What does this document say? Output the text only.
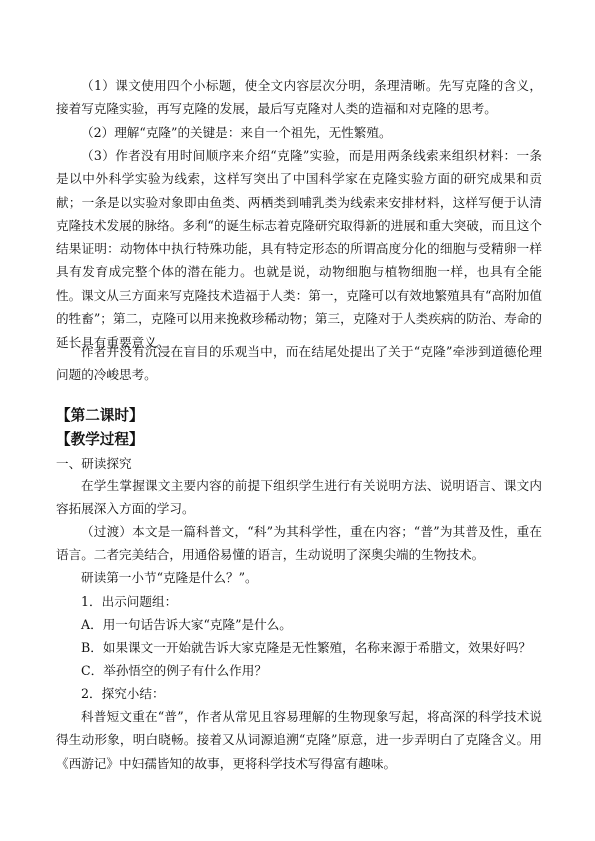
（1）课文使用四个小标题，使全文内容层次分明，条理清晰。先写克隆的含义，接着写克隆实验，再写克隆的发展，最后写克隆对人类的造福和对克隆的思考。

（2）理解“克隆”的关键是：来自一个祖先，无性繁殖。

（3）作者没有用时间顺序来介绍“克隆”实验，而是用两条线索来组织材料：一条是以中外科学实验为线索，这样写突出了中国科学家在克隆实验方面的研究成果和贡献；一条是以实验对象即由鱼类、两栖类到哺乳类为线索来安排材料，这样写便于认清克隆技术发展的脉络。多利“的诞生标志着克隆研究取得新的进展和重大突破，而且这个结果证明：动物体中执行特殊功能，具有特定形态的所谓高度分化的细胞与受精卵一样具有发育成完整个体的潜在能力。也就是说，动物细胞与植物细胞一样，也具有全能性。 课文从三方面来写克隆技术造福于人类：第一，克隆可以有效地繁殖具有“高附加值的牲畜”；第二，克隆可以用来挽救珍稀动物；第三，克隆对于人类疾病的防治、寿命的延长具有重要意义。

作者并没有沉浸在盲目的乐观当中，而在结尾处提出了关于“克隆”牵涉到道德伦理问题的冷峻思考。

【第二课时】
【教学过程】

一、研读探究

在学生掌握课文主要内容的前提下组织学生进行有关说明方法、说明语言、课文内容拓展深入方面的学习。

（过渡）本文是一篇科普文，“科”为其科学性，重在内容；“普”为其普及性，重在语言。二者完美结合，用通俗易懂的语言，生动说明了深奥尖端的生物技术。

研读第一小节“克隆是什么？”。

1．出示问题组：

A．用一句话告诉大家“克隆”是什么。

B．如果课文一开始就告诉大家克隆是无性繁殖，名称来源于希腊文，效果好吗？

C．举孙悟空的例子有什么作用？

2．探究小结：

科普短文重在“普”，作者从常见且容易理解的生物现象写起，将高深的科学技术说得生动形象，明白晓畅。接着又从词源追溯“克隆”原意，进一步弄明白了克隆含义。用《西游记》中妇孺皆知的故事，更将科学技术写得富有趣味。
